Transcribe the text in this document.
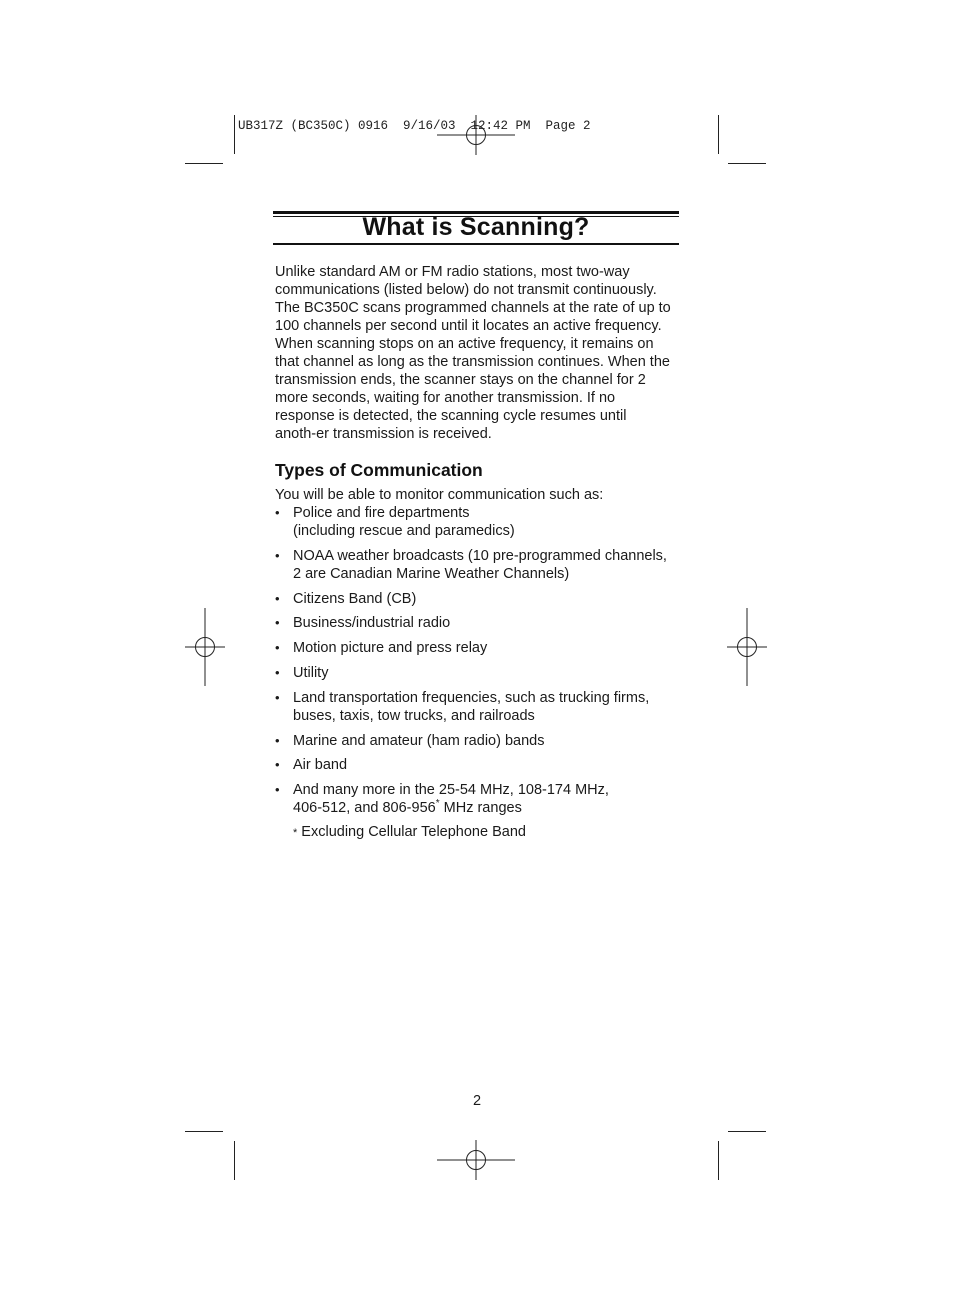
UB317Z (BC350C) 0916  9/16/03  12:42 PM  Page 2
What is Scanning?

Unlike standard AM or FM radio stations, most two-way
communications (listed below) do not transmit continuously.
The BC350C scans programmed channels at the rate of up to
100 channels per second until it locates an active frequency.
When scanning stops on an active frequency, it remains on
that channel as long as the transmission continues. When the
transmission ends, the scanner stays on the channel for 2
more seconds, waiting for another transmission. If no
response is detected, the scanning cycle resumes until
anoth-er transmission is received.

Types of Communication

You will be able to monitor communication such as:

• Police and fire departments
(including rescue and paramedics)
• NOAA weather broadcasts (10 pre-programmed channels,
2 are Canadian Marine Weather Channels)
• Citizens Band (CB)
• Business/industrial radio
• Motion picture and press relay
• Utility
• Land transportation frequencies, such as trucking firms,
buses, taxis, tow trucks, and railroads
• Marine and amateur (ham radio) bands
• Air band
• And many more in the 25-54 MHz, 108-174 MHz,
406-512, and 806-956* MHz ranges

* Excluding Cellular Telephone Band

2
